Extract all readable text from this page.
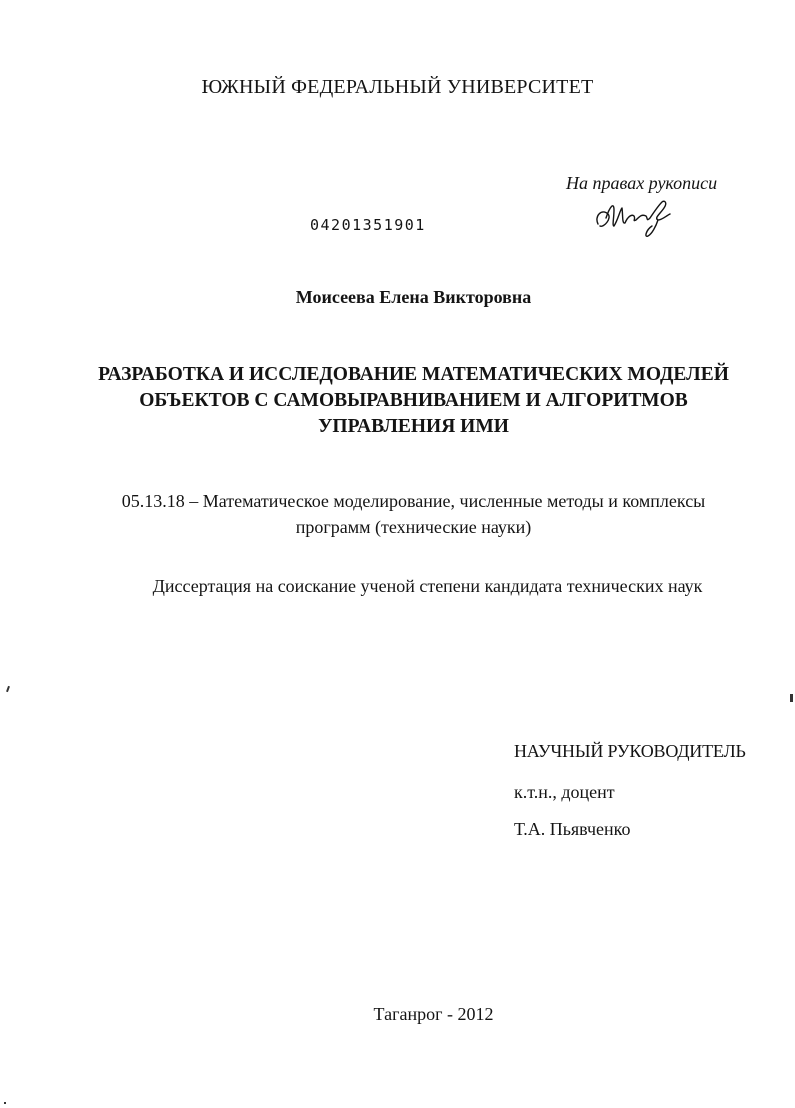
ЮЖНЫЙ ФЕДЕРАЛЬНЫЙ УНИВЕРСИТЕТ
На правах рукописи
04201351901
Моисеева Елена Викторовна
РАЗРАБОТКА И ИССЛЕДОВАНИЕ МАТЕМАТИЧЕСКИХ МОДЕЛЕЙ
ОБЪЕКТОВ С САМОВЫРАВНИВАНИЕМ И АЛГОРИТМОВ
УПРАВЛЕНИЯ ИМИ
05.13.18 – Математическое моделирование, численные методы и комплексы
программ (технические науки)
Диссертация на соискание ученой степени кандидата технических наук
НАУЧНЫЙ РУКОВОДИТЕЛЬ
к.т.н., доцент
Т.А. Пьявченко
Таганрог - 2012
